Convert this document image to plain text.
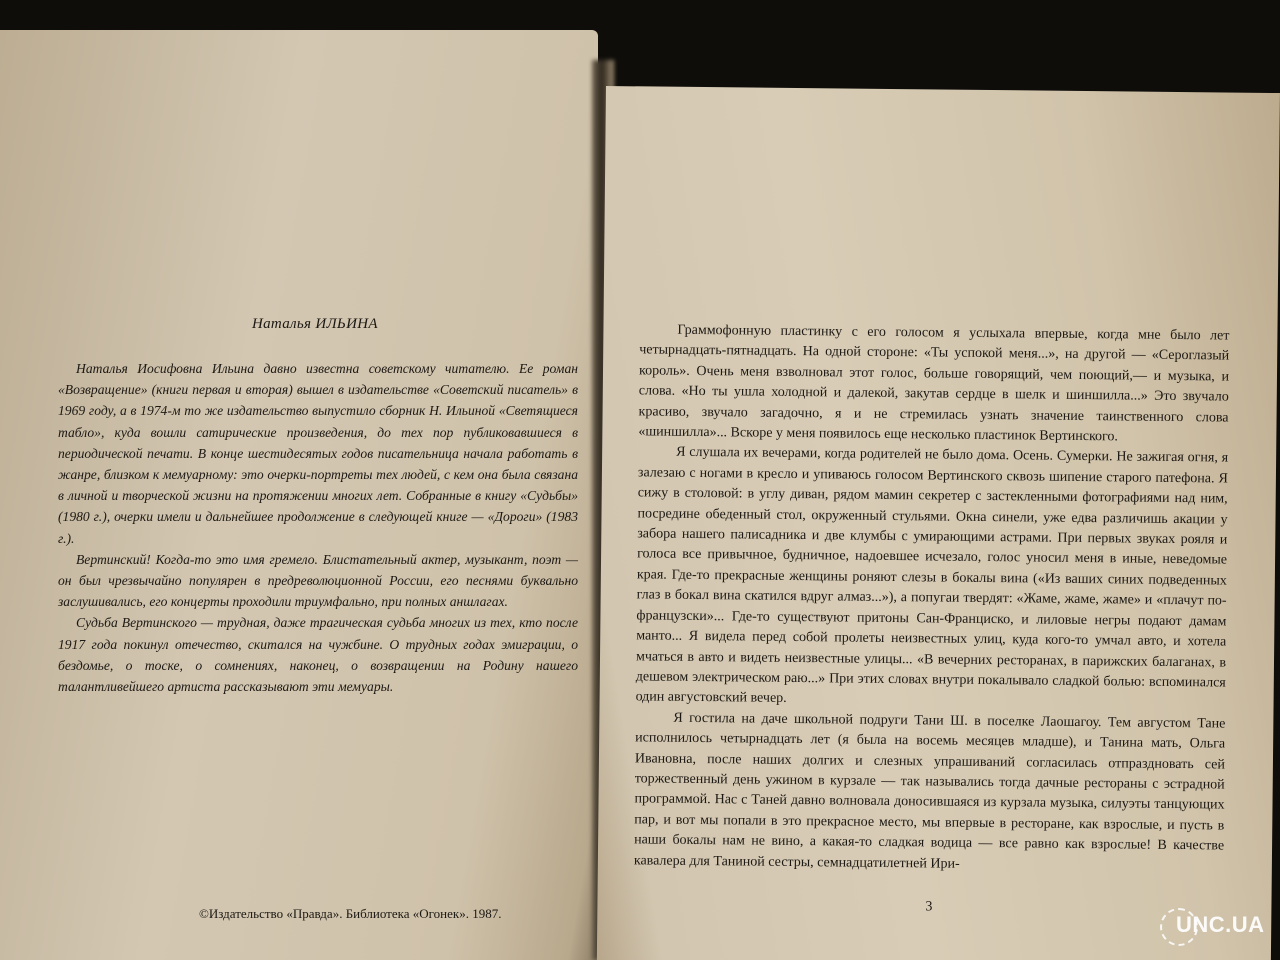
Наталья ИЛЬИНА

Наталья Иосифовна Ильина давно известна советскому читателю. Ее роман «Возвращение» (книги первая и вторая) вышел в издательстве «Советский писатель» в 1969 году, а в 1974-м то же издательство выпустило сборник Н. Ильиной «Светящиеся табло», куда вошли сатирические произведения, до тех пор публиковавшиеся в периодической печати. В конце шестидесятых годов писательница начала работать в жанре, близком к мемуарному: это очерки-портреты тех людей, с кем она была связана в личной и творческой жизни на протяжении многих лет. Собранные в книгу «Судьбы» (1980 г.), очерки имели и дальнейшее продолжение в следующей книге — «Дороги» (1983 г.).

Вертинский! Когда-то это имя гремело. Блистательный актер, музыкант, поэт — он был чрезвычайно популярен в предреволюционной России, его песнями буквально заслушивались, его концерты проходили триумфально, при полных аншлагах.

Судьба Вертинского — трудная, даже трагическая судьба многих из тех, кто после 1917 года покинул отечество, скитался на чужбине. О трудных годах эмиграции, о бездомье, о тоске, о сомнениях, наконец, о возвращении на Родину нашего талантливейшего артиста рассказывают эти мемуары.

©Издательство «Правда». Библиотека «Огонек». 1987.

Граммофонную пластинку с его голосом я услыхала впервые, когда мне было лет четырнадцать-пятнадцать. На одной стороне: «Ты успокой меня...», на другой — «Сероглазый король». Очень меня взволновал этот голос, больше говорящий, чем поющий,— и музыка, и слова. «Но ты ушла холодной и далекой, закутав сердце в шелк и шиншилла...» Это звучало красиво, звучало загадочно, я и не стремилась узнать значение таинственного слова «шиншилла»... Вскоре у меня появилось еще несколько пластинок Вертинского.

Я слушала их вечерами, когда родителей не было дома. Осень. Сумерки. Не зажигая огня, я залезаю с ногами в кресло и упиваюсь голосом Вертинского сквозь шипение старого патефона. Я сижу в столовой: в углу диван, рядом мамин секретер с застекленными фотографиями над ним, посредине обеденный стол, окруженный стульями. Окна синели, уже едва различишь акации у забора нашего палисадника и две клумбы с умирающими астрами. При первых звуках рояля и голоса все привычное, будничное, надоевшее исчезало, голос уносил меня в иные, неведомые края. Где-то прекрасные женщины роняют слезы в бокалы вина («Из ваших синих подведенных глаз в бокал вина скатился вдруг алмаз...»), а попугаи твердят: «Жаме, жаме, жаме» и «плачут по-французски»... Где-то существуют притоны Сан-Франциско, и лиловые негры подают дамам манто... Я видела перед собой пролеты неизвестных улиц, куда кого-то умчал авто, и хотела мчаться в авто и видеть неизвестные улицы... «В вечерних ресторанах, в парижских балаганах, в дешевом электрическом раю...» При этих словах внутри покалывало сладкой болью: вспоминался один августовский вечер.

Я гостила на даче школьной подруги Тани Ш. в поселке Лаошагоу. Тем августом Тане исполнилось четырнадцать лет (я была на восемь месяцев младше), и Танина мать, Ольга Ивановна, после наших долгих и слезных упрашиваний согласилась отпраздновать сей торжественный день ужином в курзале — так назывались тогда дачные рестораны с эстрадной программой. Нас с Таней давно волновала доносившаяся из курзала музыка, силуэты танцующих пар, и вот мы попали в это прекрасное место, мы впервые в ресторане, как взрослые, и пусть в наши бокалы нам не вино, а какая-то сладкая водица — все равно как взрослые! В качестве кавалера для Таниной сестры, семнадцатилетней Ири-

3
UNC.UA
